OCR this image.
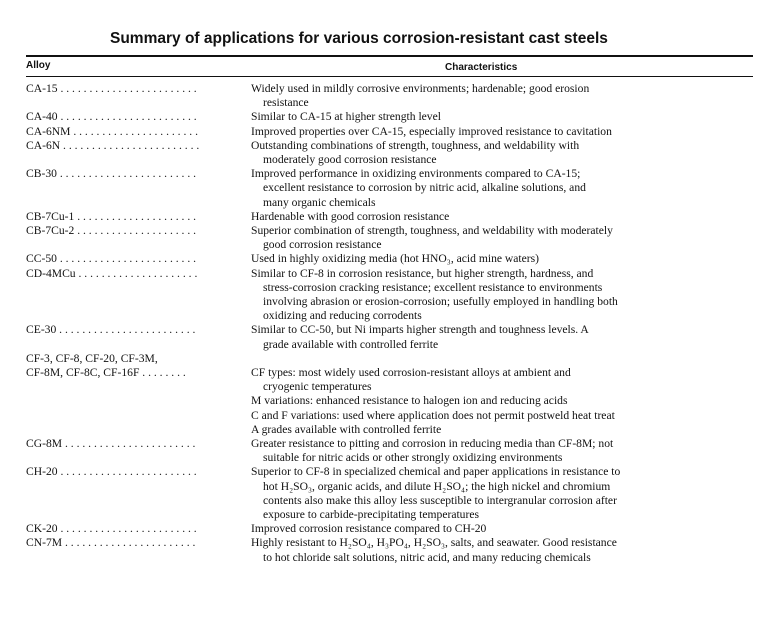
Summary of applications for various corrosion-resistant cast steels
Alloy	Characteristics
CA-15 . . . . . . . . . . . . . . . . . . . . . . . .	Widely used in mildly corrosive environments; hardenable; good erosion
resistance
CA-40 . . . . . . . . . . . . . . . . . . . . . . . .	Similar to CA-15 at higher strength level
CA-6NM . . . . . . . . . . . . . . . . . . . . . .	Improved properties over CA-15, especially improved resistance to cavitation
CA-6N . . . . . . . . . . . . . . . . . . . . . . . .	Outstanding combinations of strength, toughness, and weldability with
moderately good corrosion resistance
CB-30 . . . . . . . . . . . . . . . . . . . . . . . .	Improved performance in oxidizing environments compared to CA-15;
excellent resistance to corrosion by nitric acid, alkaline solutions, and
many organic chemicals
CB-7Cu-1 . . . . . . . . . . . . . . . . . . . . .	Hardenable with good corrosion resistance
CB-7Cu-2 . . . . . . . . . . . . . . . . . . . . .	Superior combination of strength, toughness, and weldability with moderately
good corrosion resistance
CC-50 . . . . . . . . . . . . . . . . . . . . . . . .	Used in highly oxidizing media (hot HNO₃, acid mine waters)
CD-4MCu . . . . . . . . . . . . . . . . . . . . .	Similar to CF-8 in corrosion resistance, but higher strength, hardness, and
stress-corrosion cracking resistance; excellent resistance to environments
involving abrasion or erosion-corrosion; usefully employed in handling both
oxidizing and reducing corrodents
CE-30 . . . . . . . . . . . . . . . . . . . . . . . .	Similar to CC-50, but Ni imparts higher strength and toughness levels. A
grade available with controlled ferrite
CF-3, CF-8, CF-20, CF-3M,
CF-8M, CF-8C, CF-16F . . . . . . . .	CF types: most widely used corrosion-resistant alloys at ambient and
cryogenic temperatures
M variations: enhanced resistance to halogen ion and reducing acids
C and F variations: used where application does not permit postweld heat treat
A grades available with controlled ferrite
CG-8M . . . . . . . . . . . . . . . . . . . . . . .	Greater resistance to pitting and corrosion in reducing media than CF-8M; not
suitable for nitric acids or other strongly oxidizing environments
CH-20 . . . . . . . . . . . . . . . . . . . . . . . .	Superior to CF-8 in specialized chemical and paper applications in resistance to
hot H₂SO₃, organic acids, and dilute H₂SO₄; the high nickel and chromium
contents also make this alloy less susceptible to intergranular corrosion after
exposure to carbide-precipitating temperatures
CK-20 . . . . . . . . . . . . . . . . . . . . . . . .	Improved corrosion resistance compared to CH-20
CN-7M . . . . . . . . . . . . . . . . . . . . . . .	Highly resistant to H₂SO₄, H₃PO₄, H₂SO₃, salts, and seawater. Good resistance
to hot chloride salt solutions, nitric acid, and many reducing chemicals
